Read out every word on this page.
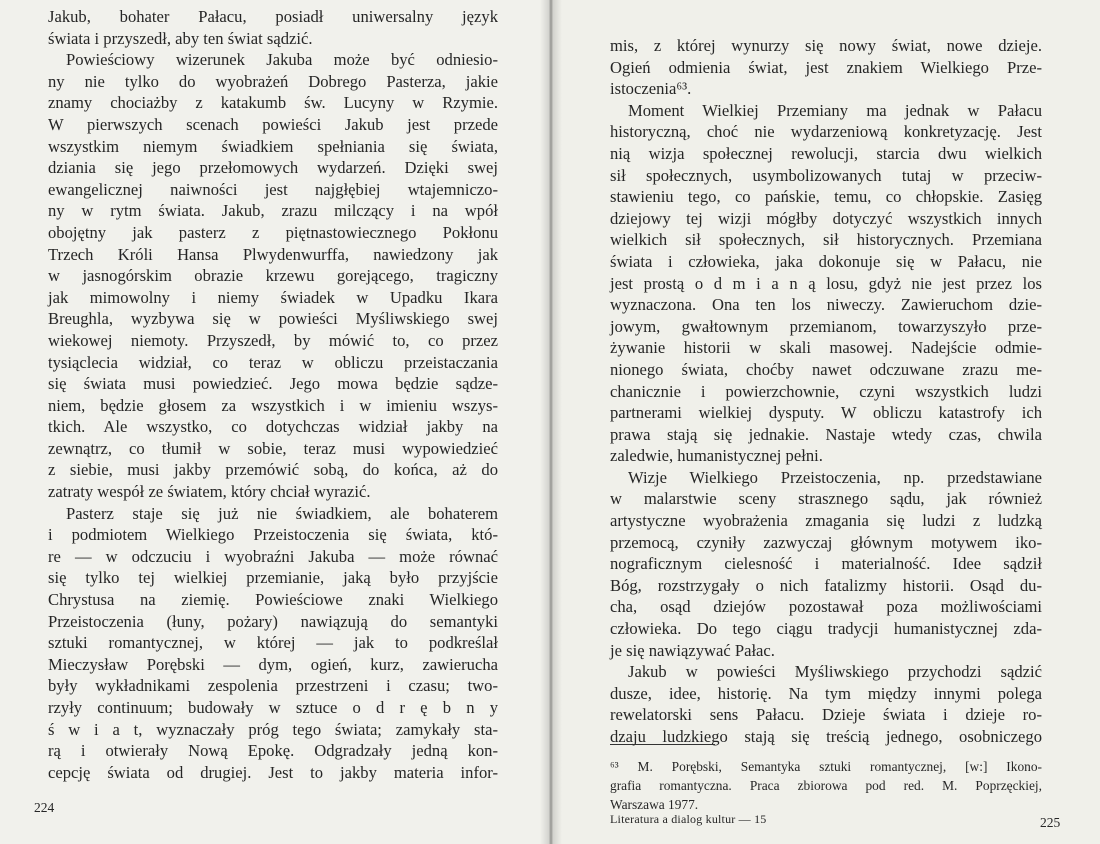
Jakub, bohater Pałacu, posiadł uniwersalny język
świata i przyszedł, aby ten świat sądzić.
Powieściowy wizerunek Jakuba może być odniesio-
ny nie tylko do wyobrażeń Dobrego Pasterza, jakie
znamy chociażby z katakumb św. Lucyny w Rzymie.
W pierwszych scenach powieści Jakub jest przede
wszystkim niemym świadkiem spełniania się świata,
dziania się jego przełomowych wydarzeń. Dzięki swej
ewangelicznej naiwności jest najgłębiej wtajemniczo-
ny w rytm świata. Jakub, zrazu milczący i na wpół
obojętny jak pasterz z piętnastowiecznego Pokłonu
Trzech Króli Hansa Plwydenwurffa, nawiedzony jak
w jasnogórskim obrazie krzewu gorejącego, tragiczny
jak mimowolny i niemy świadek w Upadku Ikara
Breughla, wyzbywa się w powieści Myśliwskiego swej
wiekowej niemoty. Przyszedł, by mówić to, co przez
tysiąclecia widział, co teraz w obliczu przeistaczania
się świata musi powiedzieć. Jego mowa będzie sądze-
niem, będzie głosem za wszystkich i w imieniu wszys-
tkich. Ale wszystko, co dotychczas widział jakby na
zewnątrz, co tłumił w sobie, teraz musi wypowiedzieć
z siebie, musi jakby przemówić sobą, do końca, aż do
zatraty wespół ze światem, który chciał wyrazić.
Pasterz staje się już nie świadkiem, ale bohaterem
i podmiotem Wielkiego Przeistoczenia się świata, któ-
re — w odczuciu i wyobraźni Jakuba — może równać
się tylko tej wielkiej przemianie, jaką było przyjście
Chrystusa na ziemię. Powieściowe znaki Wielkiego
Przeistoczenia (łuny, pożary) nawiązują do semantyki
sztuki romantycznej, w której — jak to podkreślał
Mieczysław Porębski — dym, ogień, kurz, zawierucha
były wykładnikami zespolenia przestrzeni i czasu; two-
rzyły continuum; budowały w sztuce o d r ę b n y
ś w i a t, wyznaczały próg tego świata; zamykały sta-
rą i otwierały Nową Epokę. Odgradzały jedną kon-
cepcję świata od drugiej. Jest to jakby materia infor-
224
mis, z której wynurzy się nowy świat, nowe dzieje.
Ogień odmienia świat, jest znakiem Wielkiego Prze-
istoczenia⁶³.
Moment Wielkiej Przemiany ma jednak w Pałacu
historyczną, choć nie wydarzeniową konkretyzację. Jest
nią wizja społecznej rewolucji, starcia dwu wielkich
sił społecznych, usymbolizowanych tutaj w przeciw-
stawieniu tego, co pańskie, temu, co chłopskie. Zasięg
dziejowy tej wizji mógłby dotyczyć wszystkich innych
wielkich sił społecznych, sił historycznych. Przemiana
świata i człowieka, jaka dokonuje się w Pałacu, nie
jest prostą o d m i a n ą losu, gdyż nie jest przez los
wyznaczona. Ona ten los niweczy. Zawieruchom dzie-
jowym, gwałtownym przemianom, towarzyszyło prze-
żywanie historii w skali masowej. Nadejście odmie-
nionego świata, choćby nawet odczuwane zrazu me-
chanicznie i powierzchownie, czyni wszystkich ludzi
partnerami wielkiej dysputy. W obliczu katastrofy ich
prawa stają się jednakie. Nastaje wtedy czas, chwila
zaledwie, humanistycznej pełni.
Wizje Wielkiego Przeistoczenia, np. przedstawiane
w malarstwie sceny strasznego sądu, jak również
artystyczne wyobrażenia zmagania się ludzi z ludzką
przemocą, czyniły zazwyczaj głównym motywem iko-
nograficznym cielesność i materialność. Idee sądził
Bóg, rozstrzygały o nich fatalizmy historii. Osąd du-
cha, osąd dziejów pozostawał poza możliwościami
człowieka. Do tego ciągu tradycji humanistycznej zda-
je się nawiązywać Pałac.
Jakub w powieści Myśliwskiego przychodzi sądzić
dusze, idee, historię. Na tym między innymi polega
rewelatorski sens Pałacu. Dzieje świata i dzieje ro-
dzaju ludzkiego stają się treścią jednego, osobniczego
⁶³ M. Porębski, Semantyka sztuki romantycznej, [w:] Ikono-
grafia romantyczna. Praca zbiorowa pod red. M. Poprzęckiej,
Warszawa 1977.
Literatura a dialog kultur — 15	225
